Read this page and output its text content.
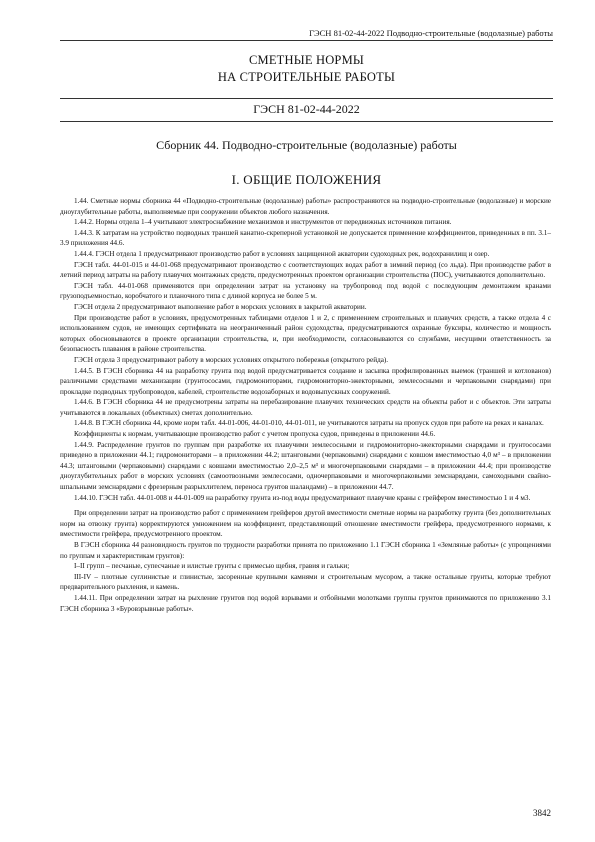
ГЭСН 81-02-44-2022 Подводно-строительные (водолазные) работы
СМЕТНЫЕ НОРМЫ
НА СТРОИТЕЛЬНЫЕ РАБОТЫ
ГЭСН 81-02-44-2022
Сборник 44. Подводно-строительные (водолазные) работы
I. ОБЩИЕ ПОЛОЖЕНИЯ

1.44. Сметные нормы сборника 44 «Подводно-строительные (водолазные) работы» распространяются на подводно-строительные (водолазные) и морские дноуглубительные работы, выполняемые при сооружении объектов любого назначения.

1.44.2. Нормы отдела 1–4 учитывают электроснабжение механизмов и инструментов от передвижных источников питания.

1.44.3. К затратам на устройство подводных траншей канатно-скреперной установкой не допускается применение коэффициентов, приведенных в пп. 3.1–3.9 приложения 44.6.

1.44.4. ГЭСН отдела 1 предусматривают производство работ в условиях защищенной акватории судоходных рек, водохранилищ и озер.

ГЭСН табл. 44-01-015 и 44-01-068 предусматривают производство с соответствующих водах работ в зимний период (со льда). При производстве работ в летний период затраты на работу плавучих монтажных средств, предусмотренных проектом организации строительства (ПОС), учитываются дополнительно.

ГЭСН табл. 44-01-068 применяются при определении затрат на установку на трубопровод под водой с последующим демонтажем кранами грузоподъемностью, коробчатого и планочного типа с длиной корпуса не более 5 м.

ГЭСН отдела 2 предусматривают выполнение работ в морских условиях в закрытой акватории.

При производстве работ в условиях, предусмотренных таблицами отделов 1 и 2, с применением строительных и плавучих средств, а также отдела 4 с использованием судов, не имеющих сертификата на неограниченный район судоходства, предусматриваются охранные буксиры, количество и мощность которых обосновываются в проекте организации строительства, и, при необходимости, согласовываются со службами, несущими ответственность за безопасность плавания в районе строительства.

ГЭСН отдела 3 предусматривают работу в морских условиях открытого побережья (открытого рейда).

1.44.5. В ГЭСН сборника 44 на разработку грунта под водой предусматривается создание и засыпка профилированных выемок (траншей и котлованов) различными средствами механизации (грунтососами, гидромониторами, гидромониторно-эжекторными, землесосными и черпаковыми снарядами) при прокладке подводных трубопроводов, кабелей, строительстве водозаборных и водовыпускных сооружений.

1.44.6. В ГЭСН сборника 44 не предусмотрены затраты на перебазирование плавучих технических средств на объекты работ и с объектов. Эти затраты учитываются в локальных (объектных) сметах дополнительно.

1.44.8. В ГЭСН сборника 44, кроме норм табл. 44-01-006, 44-01-010, 44-01-011, не учитываются затраты на пропуск судов при работе на реках и каналах.

Коэффициенты к нормам, учитывающие производство работ с учетом пропуска судов, приведены в приложении 44.6.

1.44.9. Распределение грунтов по группам при разработке их плавучими землесосными и гидромониторно-эжекторными снарядами и грунтососами приведено в приложении 44.1; гидромониторами – в приложении 44.2; штанговыми (черпаковыми) снарядами с ковшом вместимостью 4,0 м³ – в приложении 44.3; штанговыми (черпаковыми) снарядами с ковшами вместимостью 2,0–2,5 м³ и многочерпаковыми снарядами – в приложении 44.4; при производстве дноуглубительных работ в морских условиях (самоотвозными землесосами, одночерпаковыми и многочерпаковыми земснарядами, самоходными свайно-шпальными земснарядами с фрезерным разрыхлителем, переноса грунтов шаландами) – в приложении 44.7.

1.44.10. ГЭСН табл. 44-01-008 и 44-01-009 на разработку грунта из-под воды предусматривают плавучие краны с грейфером вместимостью 1 и 4 м3.

При определении затрат на производство работ с применением грейферов другой вместимости сметные нормы на разработку грунта (без дополнительных норм на отвозку грунта) корректируются умножением на коэффициент, представляющий отношение вместимости грейфера, предусмотренного нормами, к вместимости грейфера, предусмотренного проектом.

В ГЭСН сборника 44 разновидность грунтов по трудности разработки принята по приложению 1.1 ГЭСН сборника 1 «Земляные работы» (с упрощениями по группам и характеристикам грунтов):

I–II групп – песчаные, супесчаные и илистые грунты с примесью щебня, гравия и гальки;

III-IV – плотные суглинистые и глинистые, засоренные крупными камнями и строительным мусором, а также остальные грунты, которые требуют предварительного рыхления, и камень.

1.44.11. При определении затрат на рыхление грунтов под водой взрывами и отбойными молотками группы грунтов принимаются по приложению 3.1 ГЭСН сборника 3 «Буровзрывные работы».

3842
